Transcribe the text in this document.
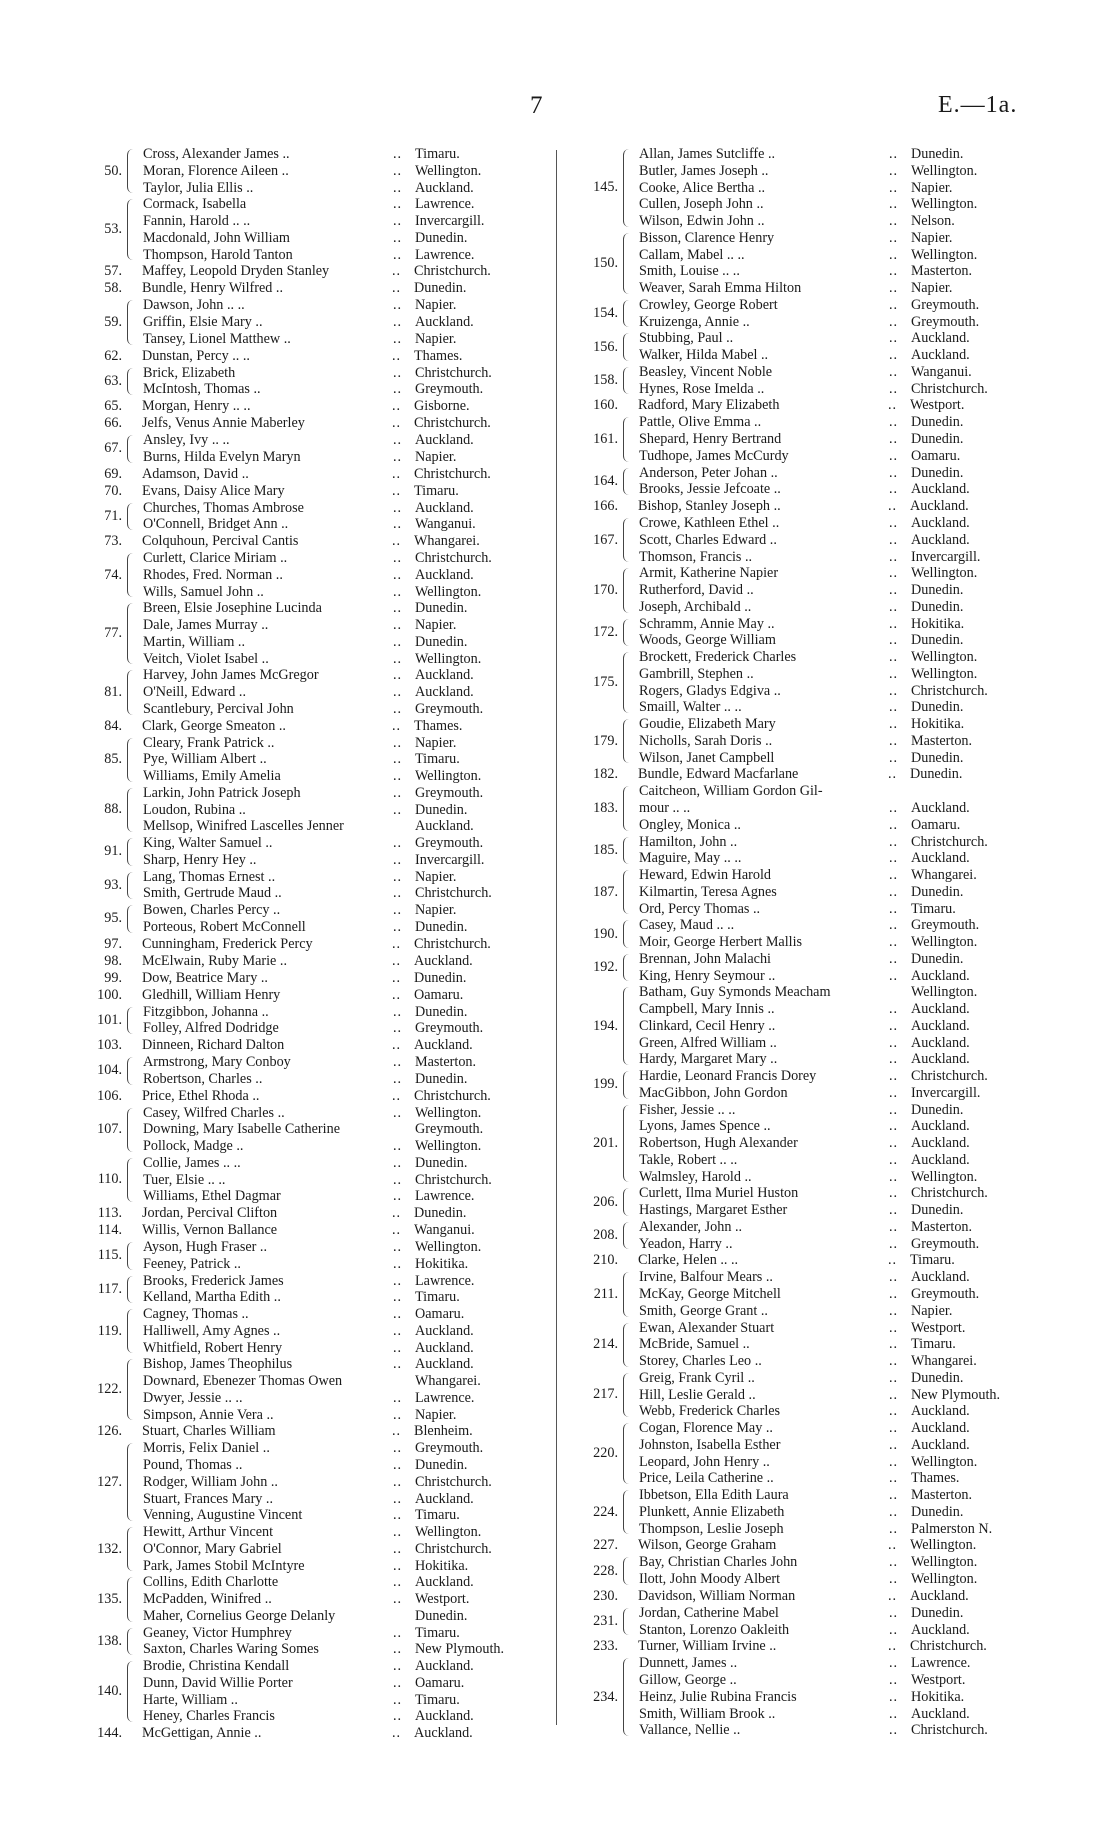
7	E.—1a.
50.
Cross, Alexander James ..	.. Timaru.
Moran, Florence Aileen ..	.. Wellington.
Taylor, Julia Ellis ..	.. Auckland.
53.
Cormack, Isabella	.. Lawrence.
Fannin, Harold .. ..	.. Invercargill.
Macdonald, John William	.. Dunedin.
Thompson, Harold Tanton	.. Lawrence.
57. Maffey, Leopold Dryden Stanley	.. Christchurch.
58. Bundle, Henry Wilfred ..	.. Dunedin.
59.
Dawson, John .. ..	.. Napier.
Griffin, Elsie Mary ..	.. Auckland.
Tansey, Lionel Matthew ..	.. Napier.
62. Dunstan, Percy .. ..	.. Thames.
63.
Brick, Elizabeth	.. Christchurch.
McIntosh, Thomas ..	.. Greymouth.
65. Morgan, Henry .. ..	.. Gisborne.
66. Jelfs, Venus Annie Maberley	.. Christchurch.
67.
Ansley, Ivy .. ..	.. Auckland.
Burns, Hilda Evelyn Maryn	.. Napier.
69. Adamson, David ..	.. Christchurch.
70. Evans, Daisy Alice Mary	.. Timaru.
71.
Churches, Thomas Ambrose	.. Auckland.
O'Connell, Bridget Ann ..	.. Wanganui.
73. Colquhoun, Percival Cantis	.. Whangarei.
74.
Curlett, Clarice Miriam ..	.. Christchurch.
Rhodes, Fred. Norman ..	.. Auckland.
Wills, Samuel John ..	.. Wellington.
77.
Breen, Elsie Josephine Lucinda	.. Dunedin.
Dale, James Murray ..	.. Napier.
Martin, William ..	.. Dunedin.
Veitch, Violet Isabel ..	.. Wellington.
81.
Harvey, John James McGregor	.. Auckland.
O'Neill, Edward ..	.. Auckland.
Scantlebury, Percival John	.. Greymouth.
84. Clark, George Smeaton ..	.. Thames.
85.
Cleary, Frank Patrick ..	.. Napier.
Pye, William Albert ..	.. Timaru.
Williams, Emily Amelia	.. Wellington.
88.
Larkin, John Patrick Joseph	.. Greymouth.
Loudon, Rubina ..	.. Dunedin.
Mellsop, Winifred Lascelles Jenner	Auckland.
91.
King, Walter Samuel ..	.. Greymouth.
Sharp, Henry Hey ..	.. Invercargill.
93.
Lang, Thomas Ernest ..	.. Napier.
Smith, Gertrude Maud ..	.. Christchurch.
95.
Bowen, Charles Percy ..	.. Napier.
Porteous, Robert McConnell	.. Dunedin.
97. Cunningham, Frederick Percy	.. Christchurch.
98. McElwain, Ruby Marie ..	.. Auckland.
99. Dow, Beatrice Mary ..	.. Dunedin.
100. Gledhill, William Henry	.. Oamaru.
101.
Fitzgibbon, Johanna ..	.. Dunedin.
Folley, Alfred Dodridge	.. Greymouth.
103. Dinneen, Richard Dalton	.. Auckland.
104.
Armstrong, Mary Conboy	.. Masterton.
Robertson, Charles ..	.. Dunedin.
106. Price, Ethel Rhoda ..	.. Christchurch.
107.
Casey, Wilfred Charles ..	.. Wellington.
Downing, Mary Isabelle Catherine	Greymouth.
Pollock, Madge ..	.. Wellington.
110.
Collie, James .. ..	.. Dunedin.
Tuer, Elsie .. ..	.. Christchurch.
Williams, Ethel Dagmar	.. Lawrence.
113. Jordan, Percival Clifton	.. Dunedin.
114. Willis, Vernon Ballance	.. Wanganui.
115.
Ayson, Hugh Fraser ..	.. Wellington.
Feeney, Patrick ..	.. Hokitika.
117.
Brooks, Frederick James	.. Lawrence.
Kelland, Martha Edith ..	.. Timaru.
119.
Cagney, Thomas ..	.. Oamaru.
Halliwell, Amy Agnes ..	.. Auckland.
Whitfield, Robert Henry	.. Auckland.
122.
Bishop, James Theophilus	.. Auckland.
Downard, Ebenezer Thomas Owen	Whangarei.
Dwyer, Jessie .. ..	.. Lawrence.
Simpson, Annie Vera ..	.. Napier.
126. Stuart, Charles William	.. Blenheim.
127.
Morris, Felix Daniel ..	.. Greymouth.
Pound, Thomas ..	.. Dunedin.
Rodger, William John ..	.. Christchurch.
Stuart, Frances Mary ..	.. Auckland.
Venning, Augustine Vincent	.. Timaru.
132.
Hewitt, Arthur Vincent	.. Wellington.
O'Connor, Mary Gabriel	.. Christchurch.
Park, James Stobil McIntyre	.. Hokitika.
135.
Collins, Edith Charlotte	.. Auckland.
McPadden, Winifred ..	.. Westport.
Maher, Cornelius George Delanly	Dunedin.
138.
Geaney, Victor Humphrey	.. Timaru.
Saxton, Charles Waring Somes	.. New Plymouth.
140.
Brodie, Christina Kendall	.. Auckland.
Dunn, David Willie Porter	.. Oamaru.
Harte, William ..	.. Timaru.
Heney, Charles Francis	.. Auckland.
144. McGettigan, Annie ..	.. Auckland.
145.
Allan, James Sutcliffe ..	.. Dunedin.
Butler, James Joseph ..	.. Wellington.
Cooke, Alice Bertha ..	.. Napier.
Cullen, Joseph John ..	.. Wellington.
Wilson, Edwin John ..	.. Nelson.
150.
Bisson, Clarence Henry	.. Napier.
Callam, Mabel .. ..	.. Wellington.
Smith, Louise .. ..	.. Masterton.
Weaver, Sarah Emma Hilton	.. Napier.
154.
Crowley, George Robert	.. Greymouth.
Kruizenga, Annie ..	.. Greymouth.
156.
Stubbing, Paul ..	.. Auckland.
Walker, Hilda Mabel ..	.. Auckland.
158.
Beasley, Vincent Noble	.. Wanganui.
Hynes, Rose Imelda ..	.. Christchurch.
160. Radford, Mary Elizabeth	.. Westport.
161.
Pattle, Olive Emma ..	.. Dunedin.
Shepard, Henry Bertrand	.. Dunedin.
Tudhope, James McCurdy	.. Oamaru.
164.
Anderson, Peter Johan ..	.. Dunedin.
Brooks, Jessie Jefcoate ..	.. Auckland.
166. Bishop, Stanley Joseph ..	.. Auckland.
167.
Crowe, Kathleen Ethel ..	.. Auckland.
Scott, Charles Edward ..	.. Auckland.
Thomson, Francis ..	.. Invercargill.
170.
Armit, Katherine Napier	.. Wellington.
Rutherford, David ..	.. Dunedin.
Joseph, Archibald ..	.. Dunedin.
172.
Schramm, Annie May ..	.. Hokitika.
Woods, George William	.. Dunedin.
175.
Brockett, Frederick Charles	.. Wellington.
Gambrill, Stephen ..	.. Wellington.
Rogers, Gladys Edgiva ..	.. Christchurch.
Smaill, Walter .. ..	.. Dunedin.
179.
Goudie, Elizabeth Mary	.. Hokitika.
Nicholls, Sarah Doris ..	.. Masterton.
Wilson, Janet Campbell	.. Dunedin.
182. Bundle, Edward Macfarlane	.. Dunedin.
183.
Caitcheon, William Gordon Gil-
mour .. ..	.. Auckland.
Ongley, Monica ..	.. Oamaru.
185.
Hamilton, John ..	.. Christchurch.
Maguire, May .. ..	.. Auckland.
187.
Heward, Edwin Harold	.. Whangarei.
Kilmartin, Teresa Agnes	.. Dunedin.
Ord, Percy Thomas ..	.. Timaru.
190.
Casey, Maud .. ..	.. Greymouth.
Moir, George Herbert Mallis	.. Wellington.
192.
Brennan, John Malachi	.. Dunedin.
King, Henry Seymour ..	.. Auckland.
194.
Batham, Guy Symonds Meacham	Wellington.
Campbell, Mary Innis ..	.. Auckland.
Clinkard, Cecil Henry ..	.. Auckland.
Green, Alfred William ..	.. Auckland.
Hardy, Margaret Mary ..	.. Auckland.
199.
Hardie, Leonard Francis Dorey	.. Christchurch.
MacGibbon, John Gordon	.. Invercargill.
201.
Fisher, Jessie .. ..	.. Dunedin.
Lyons, James Spence ..	.. Auckland.
Robertson, Hugh Alexander	.. Auckland.
Takle, Robert .. ..	.. Auckland.
Walmsley, Harold ..	.. Wellington.
206.
Curlett, Ilma Muriel Huston	.. Christchurch.
Hastings, Margaret Esther	.. Dunedin.
208.
Alexander, John ..	.. Masterton.
Yeadon, Harry ..	.. Greymouth.
210. Clarke, Helen .. ..	.. Timaru.
211.
Irvine, Balfour Mears ..	.. Auckland.
McKay, George Mitchell	.. Greymouth.
Smith, George Grant ..	.. Napier.
214.
Ewan, Alexander Stuart	.. Westport.
McBride, Samuel ..	.. Timaru.
Storey, Charles Leo ..	.. Whangarei.
217.
Greig, Frank Cyril ..	.. Dunedin.
Hill, Leslie Gerald ..	.. New Plymouth.
Webb, Frederick Charles	.. Auckland.
220.
Cogan, Florence May ..	.. Auckland.
Johnston, Isabella Esther	.. Auckland.
Leopard, John Henry ..	.. Wellington.
Price, Leila Catherine ..	.. Thames.
224.
Ibbetson, Ella Edith Laura	.. Masterton.
Plunkett, Annie Elizabeth	.. Dunedin.
Thompson, Leslie Joseph	.. Palmerston N.
227. Wilson, George Graham	.. Wellington.
228.
Bay, Christian Charles John	.. Wellington.
Ilott, John Moody Albert	.. Wellington.
230. Davidson, William Norman	.. Auckland.
231.
Jordan, Catherine Mabel	.. Dunedin.
Stanton, Lorenzo Oakleith	.. Auckland.
233. Turner, William Irvine ..	.. Christchurch.
234.
Dunnett, James ..	.. Lawrence.
Gillow, George ..	.. Westport.
Heinz, Julie Rubina Francis	.. Hokitika.
Smith, William Brook ..	.. Auckland.
Vallance, Nellie ..	.. Christchurch.
